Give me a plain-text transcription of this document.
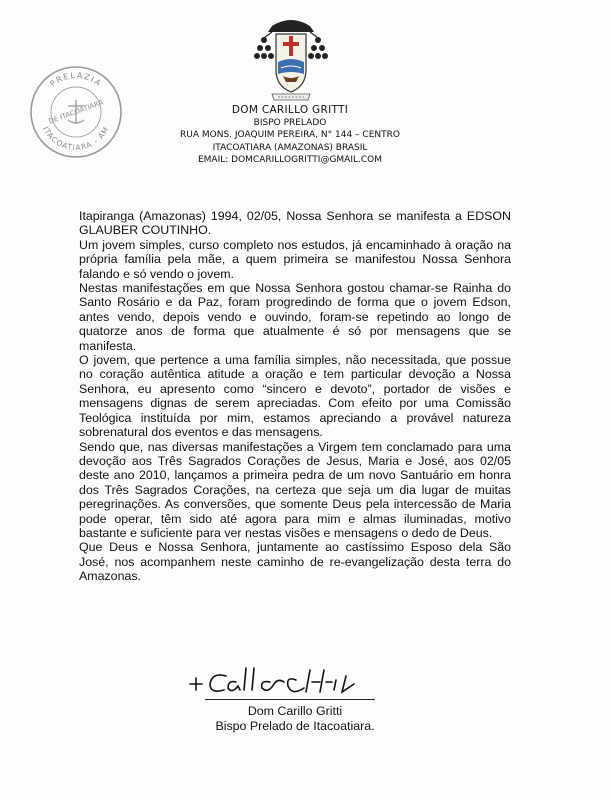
PRELAZIA
DE ITACOATIARA
ITACOATIARA - AM
DOM CARILLO GRITTI
BISPO PRELADO
RUA MONS. JOAQUIM PEREIRA, N° 144 – CENTRO
ITACOATIARA (AMAZONAS) BRASIL
EMAIL: DOMCARILLOGRITTI@GMAIL.COM

Itapiranga (Amazonas) 1994, 02/05, Nossa Senhora se manifesta a EDSON GLAUBER COUTINHO.

Um jovem simples, curso completo nos estudos, já encaminhado à oração na própria família pela mãe, a quem primeira se manifestou Nossa Senhora falando e só vendo o jovem.

Nestas manifestações em que Nossa Senhora gostou chamar-se Rainha do Santo Rosário e da Paz, foram progredindo de forma que o jovem Edson, antes vendo, depois vendo e ouvindo, foram-se repetindo ao longo de quatorze anos de forma que atualmente é só por mensagens que se manifesta.

O jovem, que pertence a uma família simples, não necessitada, que possue no coração autêntica atitude a oração e tem particular devoção a Nossa Senhora, eu apresento como “sincero e devoto”, portador de visões e mensagens dignas de serem apreciadas. Com efeito por uma Comissão Teológica instituída por mim, estamos apreciando a provável natureza sobrenatural dos eventos e das mensagens.

Sendo que, nas diversas manifestações a Virgem tem conclamado para uma devoção aos Três Sagrados Corações de Jesus, Maria e José, aos 02/05 deste ano 2010, lançamos a primeira pedra de um novo Santuário em honra dos Três Sagrados Corações, na certeza que seja um dia lugar de muitas peregrinações. As conversões, que somente Deus pela intercessão de Maria pode operar, têm sido até agora para mim e almas iluminadas, motivo bastante e suficiente para ver nestas visões e mensagens o dedo de Deus.

Que Deus e Nossa Senhora, juntamente ao castíssimo Esposo dela São José, nos acompanhem neste caminho de re-evangelização desta terra do Amazonas.

Dom Carillo Gritti
Bispo Prelado de Itacoatiara.
